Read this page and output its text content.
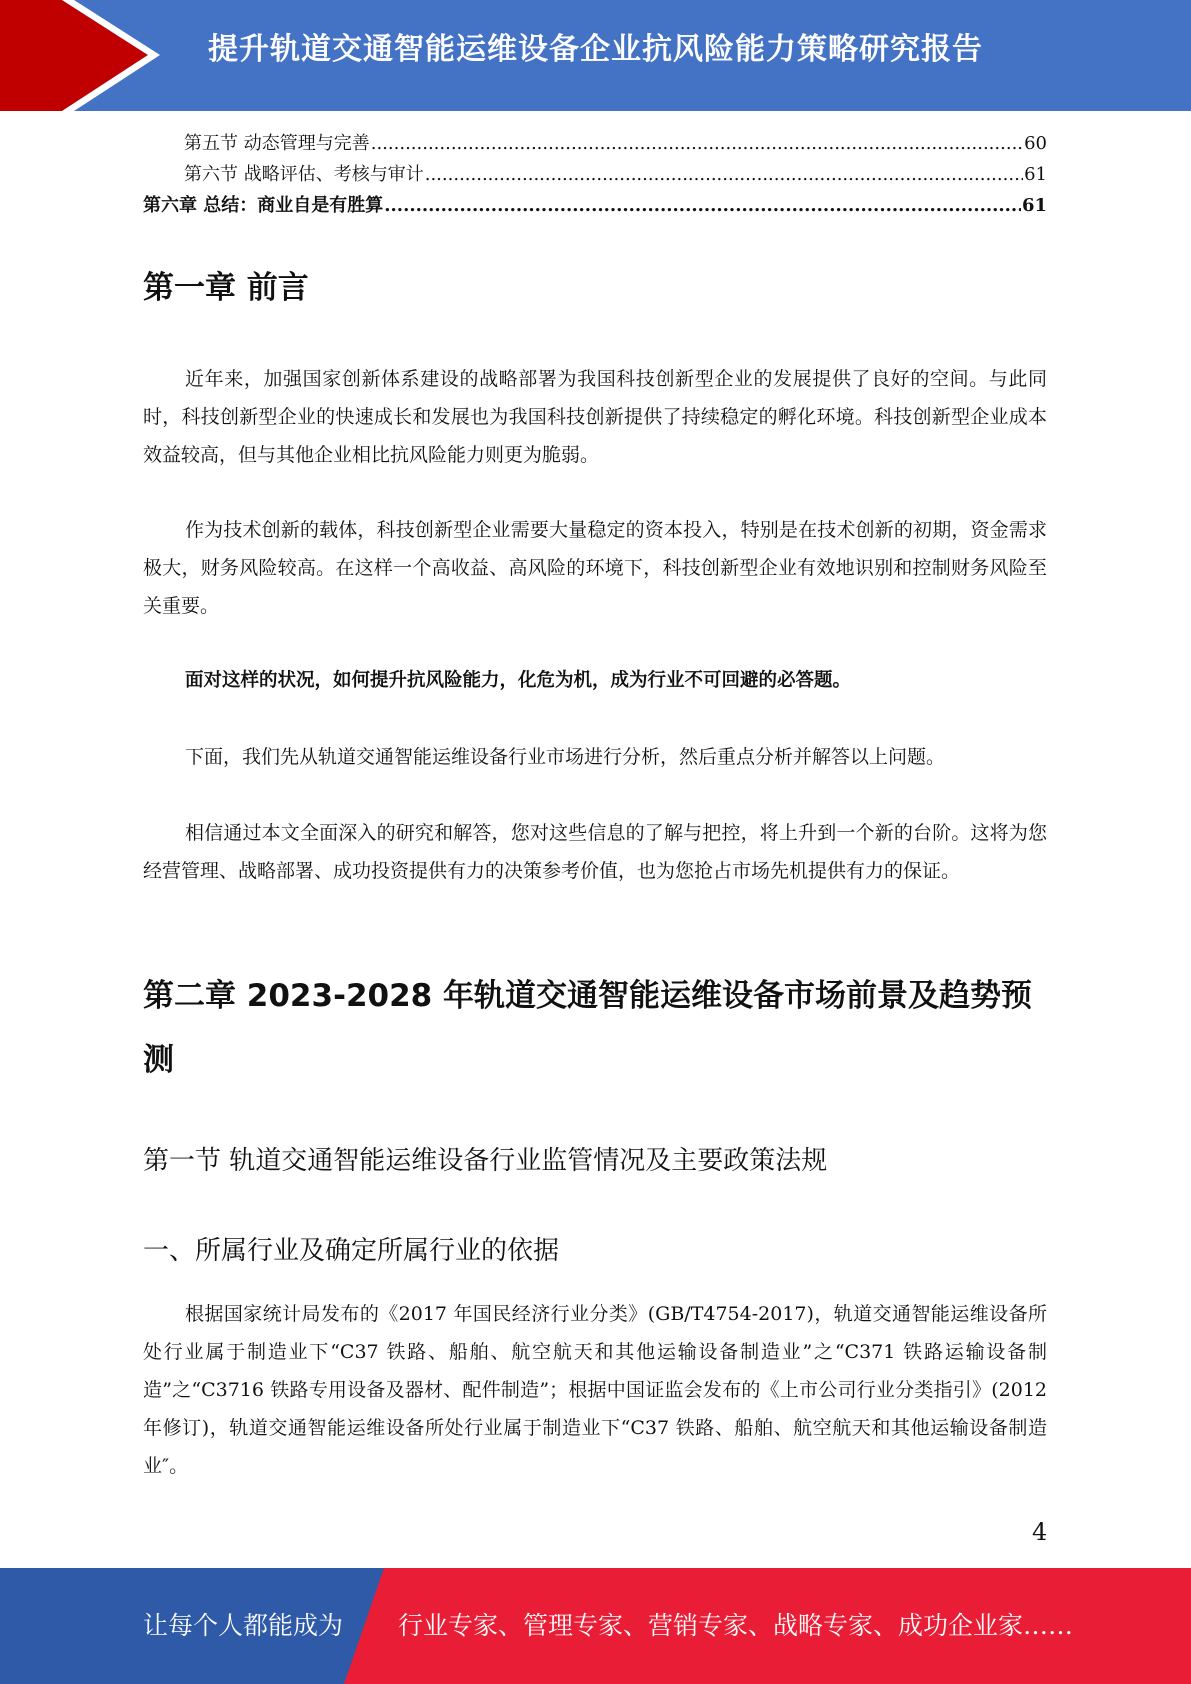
提升轨道交通智能运维设备企业抗风险能力策略研究报告
第五节 动态管理与完善 .....	60
第六节 战略评估、考核与审计 .....	61
第六章 总结：商业自是有胜算 .....	61
第一章 前言

近年来，加强国家创新体系建设的战略部署为我国科技创新型企业的发展提供了良好的空间。与此同时，科技创新型企业的快速成长和发展也为我国科技创新提供了持续稳定的孵化环境。科技创新型企业成本效益较高，但与其他企业相比抗风险能力则更为脆弱。

作为技术创新的载体，科技创新型企业需要大量稳定的资本投入，特别是在技术创新的初期，资金需求极大，财务风险较高。在这样一个高收益、高风险的环境下，科技创新型企业有效地识别和控制财务风险至关重要。

面对这样的状况，如何提升抗风险能力，化危为机，成为行业不可回避的必答题。

下面，我们先从轨道交通智能运维设备行业市场进行分析，然后重点分析并解答以上问题。

相信通过本文全面深入的研究和解答，您对这些信息的了解与把控，将上升到一个新的台阶。这将为您经营管理、战略部署、成功投资提供有力的决策参考价值，也为您抢占市场先机提供有力的保证。

第二章 2023-2028 年轨道交通智能运维设备市场前景及趋势预
测
第一节 轨道交通智能运维设备行业监管情况及主要政策法规
一、所属行业及确定所属行业的依据

根据国家统计局发布的《2017 年国民经济行业分类》(GB/T4754-2017)，轨道交通智能运维设备所处行业属于制造业下“C37 铁路、船舶、航空航天和其他运输设备制造业”之“C371 铁路运输设备制造”之“C3716 铁路专用设备及器材、配件制造”；根据中国证监会发布的《上市公司行业分类指引》(2012 年修订)，轨道交通智能运维设备所处行业属于制造业下“C37 铁路、船舶、航空航天和其他运输设备制造业″。

4
让每个人都能成为 行业专家、管理专家、营销专家、战略专家、成功企业家……
